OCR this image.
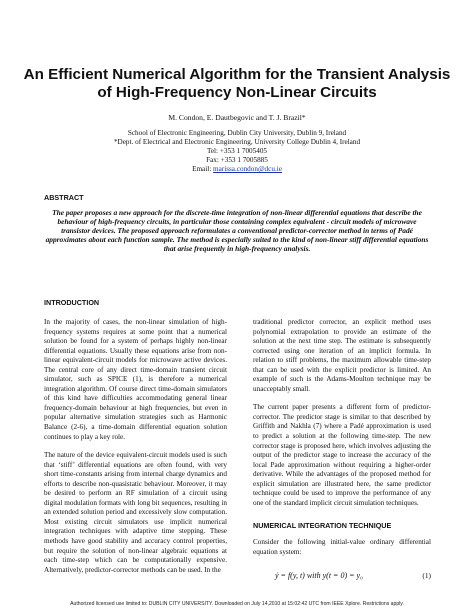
An Efficient Numerical Algorithm for the Transient Analysis
of High-Frequency Non-Linear Circuits
M. Condon, E. Dautbegovic and T. J. Brazil*
School of Electronic Engineering, Dublin City University, Dublin 9, Ireland
*Dept. of Electrical and Electronic Engineering, University College Dublin 4, Ireland
Tel: +353 1 7005405
Fax: +353 1 7005885
Email: marissa.condon@dcu.ie
ABSTRACT

The paper proposes a new approach for the discrete-time integration of non-linear differential equations that describe the behaviour of high-frequency circuits, in particular those containing complex equivalent - circuit models of microwave transistor devices. The proposed approach reformulates a conventional predictor-corrector method in terms of Padé approximates about each function sample. The method is especially suited to the kind of non-linear stiff differential equations that arise frequently in high-frequency analysis.

INTRODUCTION

In the majority of cases, the non-linear simulation of high-frequency systems requires at some point that a numerical solution be found for a system of perhaps highly non-linear differential equations. Usually these equations arise from non-linear equivalent-circuit models for microwave active devices. The central core of any direct time-domain transient circuit simulator, such as SPICE (1), is therefore a numerical integration algorithm. Of course direct time-domain simulators of this kind have difficulties accommodating general linear frequency-domain behaviour at high frequencies, but even in popular alternative simulation strategies such as Harmonic Balance (2-6), a time-domain differential equation solution continues to play a key role.

The nature of the device equivalent-circuit models used is such that ‘stiff’ differential equations are often found, with very short time-constants arising from internal charge dynamics and efforts to describe non-quasistatic behaviour. Moreover, it may be desired to perform an RF simulation of a circuit using digital modulation formats with long bit sequences, resulting in an extended solution period and excessively slow computation. Most existing circuit simulators use implicit numerical integration techniques with adaptive time stepping. These methods have good stability and accuracy control properties, but require the solution of non-linear algebraic equations at each time-step which can be computationally expensive. Alternatively, predictor-corrector methods can be used. In the

traditional predictor corrector, an explicit method uses polynomial extrapolation to provide an estimate of the solution at the next time step. The estimate is subsequently corrected using one iteration of an implicit formula. In relation to stiff problems, the maximum allowable time-step that can be used with the explicit predictor is limited. An example of such is the Adams-Moulton technique may be unacceptably small.

The current paper presents a different form of predictor-corrector. The predictor stage is similar to that described by Griffith and Nakhla (7) where a Padé approximation is used to predict a solution at the following time-step. The new corrector stage is proposed here, which involves adjusting the output of the predictor stage to increase the accuracy of the local Pade approximation without requiring a higher-order derivative. While the advantages of the proposed method for explicit simulation are illustrated here, the same predictor technique could be used to improve the performance of any one of the standard implicit circuit simulation techniques.

NUMERICAL INTEGRATION TECHNIQUE

Consider the following initial-value ordinary differential equation system:

ẏ = f(y, t) with y(t = 0) = y₀	(1)
Authorized licensed use limited to: DUBLIN CITY UNIVERSITY. Downloaded on July 14,2010 at 15:02:42 UTC from IEEE Xplore. Restrictions apply.
